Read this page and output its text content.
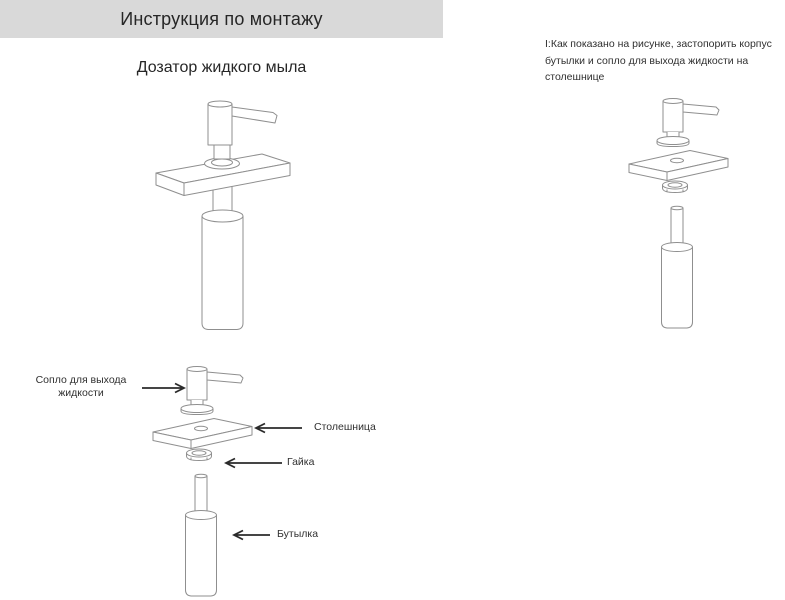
Инструкция по монтажу
Дозатор жидкого мыла
I:Как показано на рисунке, застопорить корпус бутылки и сопло для выхода жидкости на столешнице
Сопло для выхода жидкости
Столешница
Гайка
Бутылка
